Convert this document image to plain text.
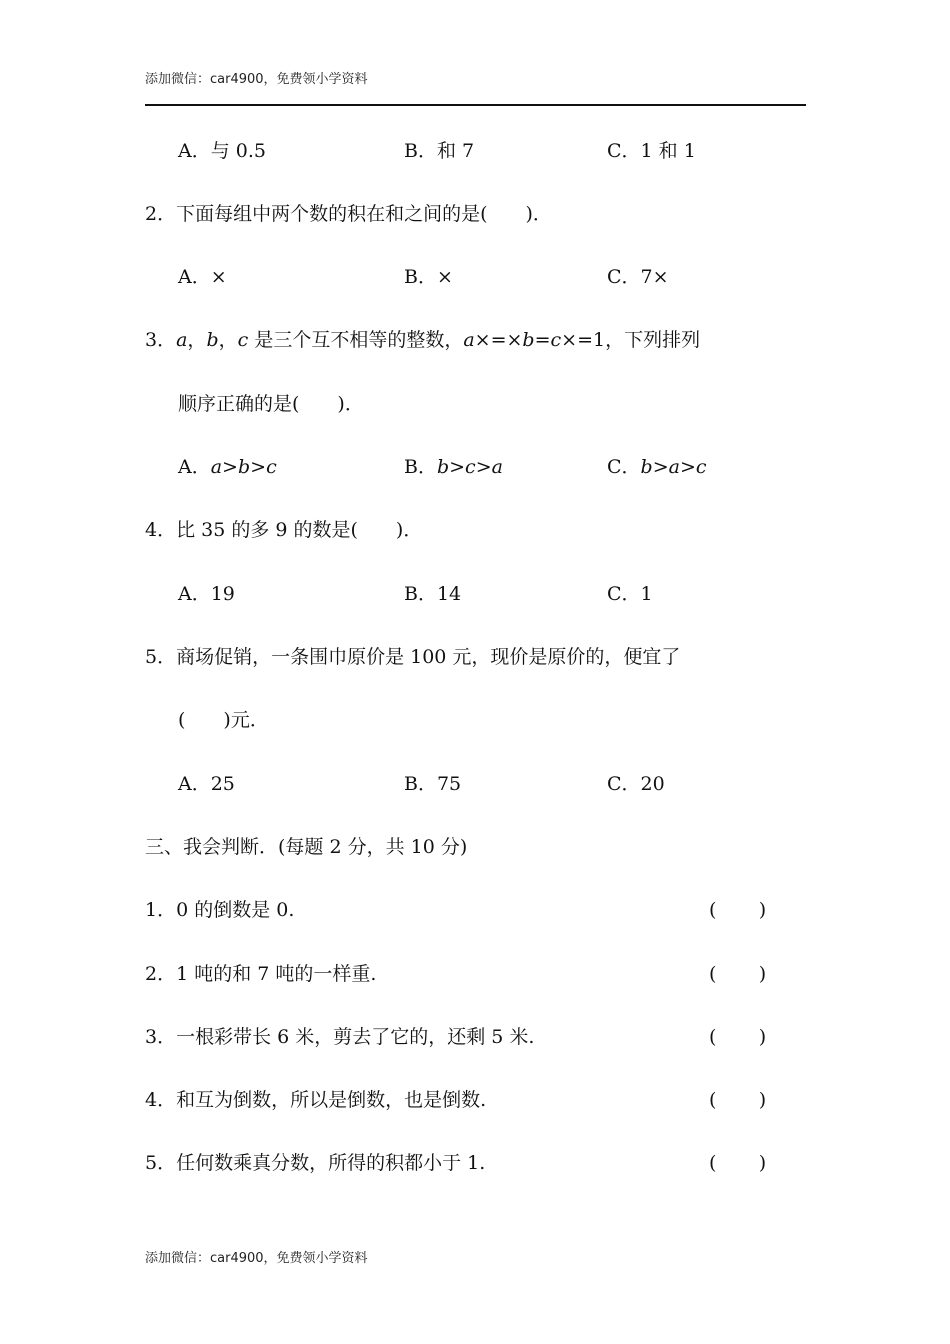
添加微信：car4900，免费领小学资料
A．与 0.5	B．和 7	C．1 和 1
2．下面每组中两个数的积在和之间的是(　　)．
A．×	B．×	C．7×
3．a，b，c 是三个互不相等的整数，a×=×b=c×=1，下列排列
顺序正确的是(　　)．
A．a>b>c	B．b>c>a	C．b>a>c
4．比 35 的多 9 的数是(　　)．
A．19	B．14	C．1
5．商场促销，一条围巾原价是 100 元，现价是原价的，便宜了
(　　)元．
A．25	B．75	C．20
三、我会判断．(每题 2 分，共 10 分)
1．0 的倒数是 0.	(       )
2．1 吨的和 7 吨的一样重.	(       )
3．一根彩带长 6 米，剪去了它的，还剩 5 米.	(       )
4．和互为倒数，所以是倒数，也是倒数.	(       )
5．任何数乘真分数，所得的积都小于 1.	(       )
添加微信：car4900，免费领小学资料
